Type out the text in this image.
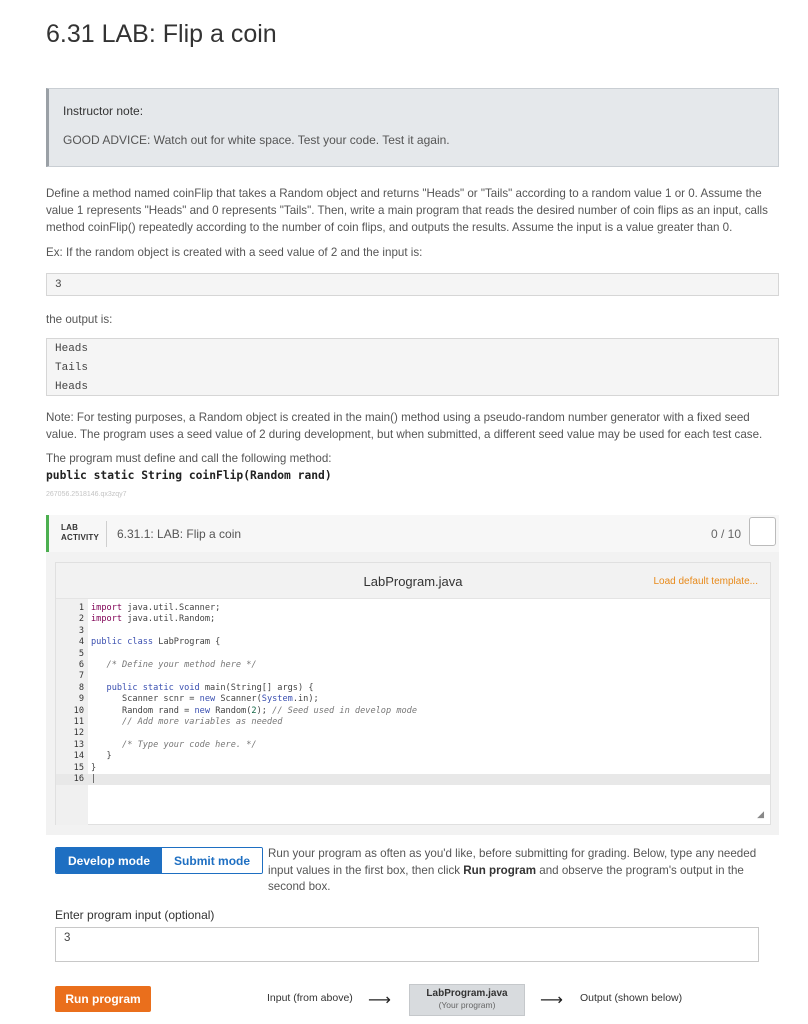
6.31 LAB: Flip a coin
Instructor note:
GOOD ADVICE: Watch out for white space. Test your code. Test it again.
Define a method named coinFlip that takes a Random object and returns "Heads" or "Tails" according to a random value 1 or 0. Assume the
value 1 represents "Heads" and 0 represents "Tails". Then, write a main program that reads the desired number of coin flips as an input, calls
method coinFlip() repeatedly according to the number of coin flips, and outputs the results. Assume the input is a value greater than 0.
Ex: If the random object is created with a seed value of 2 and the input is:
3
the output is:
Heads
Tails
Heads
Note: For testing purposes, a Random object is created in the main() method using a pseudo-random number generator with a fixed seed
value. The program uses a seed value of 2 during development, but when submitted, a different seed value may be used for each test case.
The program must define and call the following method:
public static String coinFlip(Random rand)
267056.2518146.qx3zqy7
LAB
ACTIVITY 6.31.1: LAB: Flip a coin	0 / 10
LabProgram.java	Load default template...
1 import java.util.Scanner;
2 import java.util.Random;
3
4 public class LabProgram {
5
6	/* Define your method here */
7
8	public static void main(String[] args) {
9 Scanner scnr = new Scanner(System.in);
10 Random rand = new Random(2); // Seed used in develop mode
11	// Add more variables as needed
12
13	/* Type your code here. */
14 }
15 }
16 |
◢
Develop mode	Submit mode
Run your program as often as you'd like, before submitting for grading. Below, type any needed input values in the first box, then click Run program and observe the program's output in the second box.
Enter program input (optional)
3
Run program	Input (from above) ⟶	LabProgram.java
(Your program)	⟶ Output (shown below)
